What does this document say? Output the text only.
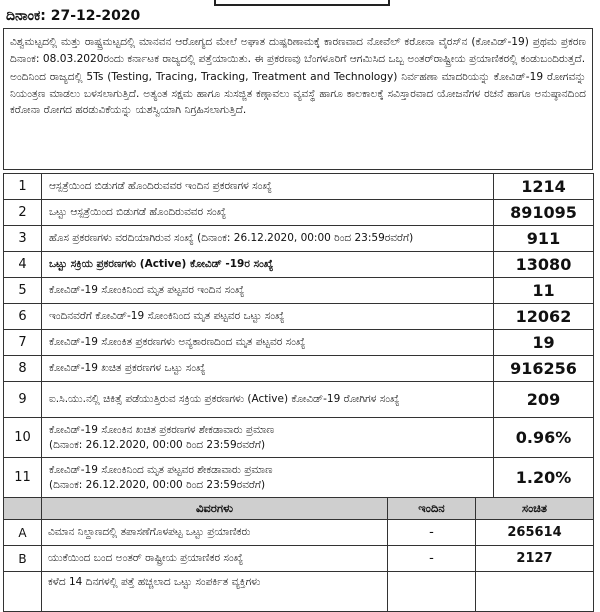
ದಿನಾಂಕ: 27-12-2020

ವಿಶ್ವಮಟ್ಟದಲ್ಲಿ ಮತ್ತು ರಾಷ್ಟ್ರಮಟ್ಟದಲ್ಲಿ ಮಾನವನ ಆರೋಗ್ಯದ ಮೇಲೆ ಅಘಾತ ದುಷ್ಪರಿಣಾಮಕ್ಕೆ ಕಾರಣವಾದ ನೋವೆಲ್ ಕರೋನಾ ವೈರಸ್‌ನ (ಕೋವಿಡ್-19) ಪ್ರಥಮ ಪ್ರಕರಣ ದಿನಾಂಕ: 08.03.2020ರಂದು ಕರ್ನಾಟಕ ರಾಜ್ಯದಲ್ಲಿ ಪತ್ತೆಯಾಯಿತು. ಈ ಪ್ರಕರಣವು ಬೆಂಗಳೂರಿಗೆ ಆಗಮಿಸಿದ ಒಬ್ಬ ಅಂತರ್‌ರಾಷ್ಟ್ರೀಯ ಪ್ರಯಾಣಿಕರಲ್ಲಿ ಕಂಡುಬಂದಿರುತ್ತದೆ.

ಅಂದಿನಿಂದ ರಾಜ್ಯದಲ್ಲಿ 5Ts (Testing, Tracing, Tracking, Treatment and Technology) ನಿರ್ವಹಣಾ ಮಾದರಿಯನ್ನು ಕೋವಿಡ್-19 ರೋಗವನ್ನು ನಿಯಂತ್ರಣ ಮಾಡಲು ಬಳಸಲಾಗುತ್ತಿದೆ. ಅತ್ಯಂತ ಸಕ್ಷಮ ಹಾಗೂ ಸುಸಜ್ಜಿತ ಕಣ್ಗಾವಲು ವ್ಯವಸ್ಥೆ ಹಾಗೂ ಕಾಲಕಾಲಕ್ಕೆ ಸವಿಸ್ತಾರವಾದ ಯೋಜನೆಗಳ ರಚನೆ ಹಾಗೂ ಅನುಷ್ಠಾನದಿಂದ ಕರೋನಾ ರೋಗದ ಹರಡುವಿಕೆಯನ್ನು ಯಶಸ್ವಿಯಾಗಿ ನಿಗ್ರಹಿಸಲಾಗುತ್ತಿದೆ.

1	ಆಸ್ಪತ್ರೆಯಿಂದ ಬಿಡುಗಡೆ ಹೊಂದಿರುವವರ ಇಂದಿನ ಪ್ರಕರಣಗಳ ಸಂಖ್ಯೆ	1214
2	ಒಟ್ಟು ಆಸ್ಪತ್ರೆಯಿಂದ ಬಿಡುಗಡೆ ಹೊಂದಿರುವವರ ಸಂಖ್ಯೆ	891095
3	ಹೊಸ ಪ್ರಕರಣಗಳು ವರದಿಯಾಗಿರುವ ಸಂಖ್ಯೆ (ದಿನಾಂಕ: 26.12.2020, 00:00 ರಿಂದ 23:59ರವರೆಗೆ)	911
4	ಒಟ್ಟು ಸಕ್ರಿಯ ಪ್ರಕರಣಗಳು (Active) ಕೋವಿಡ್ -19ರ ಸಂಖ್ಯೆ	13080
5	ಕೋವಿಡ್-19 ಸೋಂಕಿನಿಂದ ಮೃತ ಪಟ್ಟವರ ಇಂದಿನ ಸಂಖ್ಯೆ	11
6	ಇಂದಿನವರೆಗೆ ಕೋವಿಡ್-19 ಸೋಂಕಿನಿಂದ ಮೃತ ಪಟ್ಟವರ ಒಟ್ಟು ಸಂಖ್ಯೆ	12062
7	ಕೋವಿಡ್-19 ಸೋಂಕಿತ ಪ್ರಕರಣಗಳು ಅನ್ಯಕಾರಣದಿಂದ ಮೃತ ಪಟ್ಟವರ ಸಂಖ್ಯೆ	19
8	ಕೋವಿಡ್-19 ಖಚಿತ ಪ್ರಕರಣಗಳ ಒಟ್ಟು ಸಂಖ್ಯೆ	916256
9	ಐ.ಸಿ.ಯು.ನಲ್ಲಿ ಚಿಕಿತ್ಸೆ ಪಡೆಯುತ್ತಿರುವ ಸಕ್ರಿಯ ಪ್ರಕರಣಗಳು (Active) ಕೋವಿಡ್-19 ರೋಗಿಗಳ ಸಂಖ್ಯೆ	209
10	ಕೋವಿಡ್-19 ಸೋಂಕಿನ ಖಚಿತ ಪ್ರಕರಣಗಳ ಶೇಕಡಾವಾರು ಪ್ರಮಾಣ
(ದಿನಾಂಕ: 26.12.2020, 00:00 ರಿಂದ 23:59ರವರೆಗೆ)	0.96%
11	ಕೋವಿಡ್-19 ಸೋಂಕಿನಿಂದ ಮೃತ ಪಟ್ಟವರ ಶೇಕಡಾವಾರು ಪ್ರಮಾಣ
(ದಿನಾಂಕ: 26.12.2020, 00:00 ರಿಂದ 23:59ರವರೆಗೆ)	1.20%
	ವಿವರಗಳು	ಇಂದಿನ	ಸಂಚಿತ
A	ವಿಮಾನ ನಿಲ್ದಾಣದಲ್ಲಿ ತಪಾಸಣೆಗೊಳಪಟ್ಟ ಒಟ್ಟು ಪ್ರಯಾಣಿಕರು	-	265614
B	ಯುಕೆಯಿಂದ ಬಂದ ಅಂತರ್ ರಾಷ್ಟ್ರೀಯ ಪ್ರಯಾಣಿಕರ ಸಂಖ್ಯೆ	-	2127
	ಕಳೆದ 14 ದಿನಗಳಲ್ಲಿ ಪತ್ತೆ ಹಚ್ಚಲಾದ ಒಟ್ಟು ಸಂಪರ್ಕಿತ ವ್ಯಕ್ತಿಗಳು		
